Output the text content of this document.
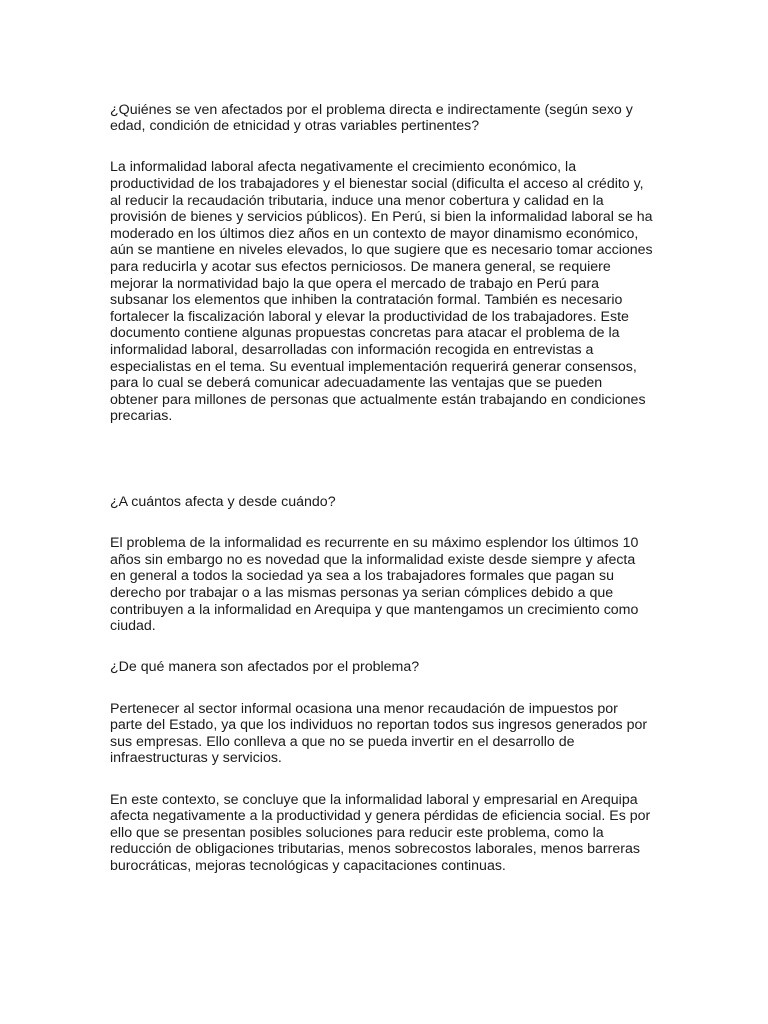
¿Quiénes se ven afectados por el problema directa e indirectamente (según sexo y
edad, condición de etnicidad y otras variables pertinentes?

La informalidad laboral afecta negativamente el crecimiento económico, la
productividad de los trabajadores y el bienestar social (dificulta el acceso al crédito y,
al reducir la recaudación tributaria, induce una menor cobertura y calidad en la
provisión de bienes y servicios públicos). En Perú, si bien la informalidad laboral se ha
moderado en los últimos diez años en un contexto de mayor dinamismo económico,
aún se mantiene en niveles elevados, lo que sugiere que es necesario tomar acciones
para reducirla y acotar sus efectos perniciosos. De manera general, se requiere
mejorar la normatividad bajo la que opera el mercado de trabajo en Perú para
subsanar los elementos que inhiben la contratación formal. También es necesario
fortalecer la fiscalización laboral y elevar la productividad de los trabajadores. Este
documento contiene algunas propuestas concretas para atacar el problema de la
informalidad laboral, desarrolladas con información recogida en entrevistas a
especialistas en el tema. Su eventual implementación requerirá generar consensos,
para lo cual se deberá comunicar adecuadamente las ventajas que se pueden
obtener para millones de personas que actualmente están trabajando en condiciones
precarias.

¿A cuántos afecta y desde cuándo?

El problema de la informalidad es recurrente en su máximo esplendor los últimos 10
años sin embargo no es novedad que la informalidad existe desde siempre y afecta
en general a todos la sociedad ya sea a los trabajadores formales que pagan su
derecho por trabajar o a las mismas personas ya serian cómplices debido a que
contribuyen a la informalidad en Arequipa y que mantengamos un crecimiento como
ciudad.

¿De qué manera son afectados por el problema?

Pertenecer al sector informal ocasiona una menor recaudación de impuestos por
parte del Estado, ya que los individuos no reportan todos sus ingresos generados por
sus empresas. Ello conlleva a que no se pueda invertir en el desarrollo de
infraestructuras y servicios.

En este contexto, se concluye que la informalidad laboral y empresarial en Arequipa
afecta negativamente a la productividad y genera pérdidas de eficiencia social. Es por
ello que se presentan posibles soluciones para reducir este problema, como la
reducción de obligaciones tributarias, menos sobrecostos laborales, menos barreras
burocráticas, mejoras tecnológicas y capacitaciones continuas.
